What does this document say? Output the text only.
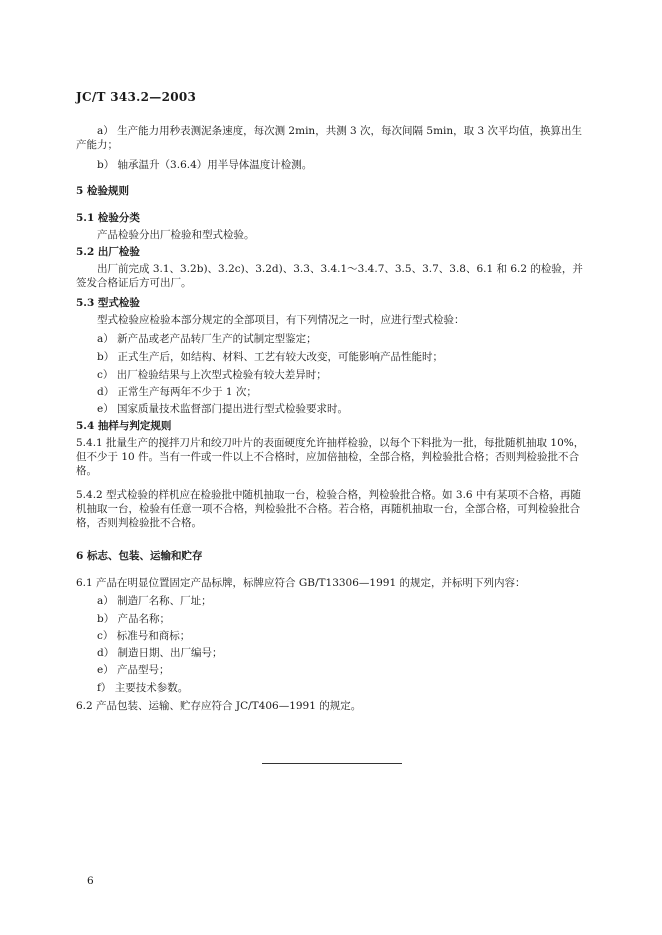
JC/T 343.2—2003
a） 生产能力用秒表测泥条速度，每次测 2min，共测 3 次，每次间隔 5min，取 3 次平均值，换算出生产能力；
b） 轴承温升（3.6.4）用半导体温度计检测。
5 检验规则
5.1 检验分类
产品检验分出厂检验和型式检验。
5.2 出厂检验
出厂前完成 3.1、3.2b)、3.2c)、3.2d)、3.3、3.4.1～3.4.7、3.5、3.7、3.8、6.1 和 6.2 的检验，并签发合格证后方可出厂。
5.3 型式检验
型式检验应检验本部分规定的全部项目，有下列情况之一时，应进行型式检验：
a） 新产品或老产品转厂生产的试制定型鉴定；
b） 正式生产后，如结构、材料、工艺有较大改变，可能影响产品性能时；
c） 出厂检验结果与上次型式检验有较大差异时；
d） 正常生产每两年不少于 1 次；
e） 国家质量技术监督部门提出进行型式检验要求时。
5.4 抽样与判定规则
5.4.1 批量生产的搅拌刀片和绞刀叶片的表面硬度允许抽样检验，以每个下料批为一批，每批随机抽取 10%，但不少于 10 件。当有一件或一件以上不合格时，应加倍抽检，全部合格，判检验批合格；否则判检验批不合格。
5.4.2 型式检验的样机应在检验批中随机抽取一台，检验合格，判检验批合格。如 3.6 中有某项不合格，再随机抽取一台，检验有任意一项不合格，判检验批不合格。若合格，再随机抽取一台，全部合格，可判检验批合格，否则判检验批不合格。
6 标志、包装、运输和贮存
6.1 产品在明显位置固定产品标牌，标牌应符合 GB/T13306—1991 的规定，并标明下列内容：
a） 制造厂名称、厂址；
b） 产品名称；
c） 标准号和商标；
d） 制造日期、出厂编号；
e） 产品型号；
f） 主要技术参数。
6.2 产品包装、运输、贮存应符合 JC/T406—1991 的规定。
6
